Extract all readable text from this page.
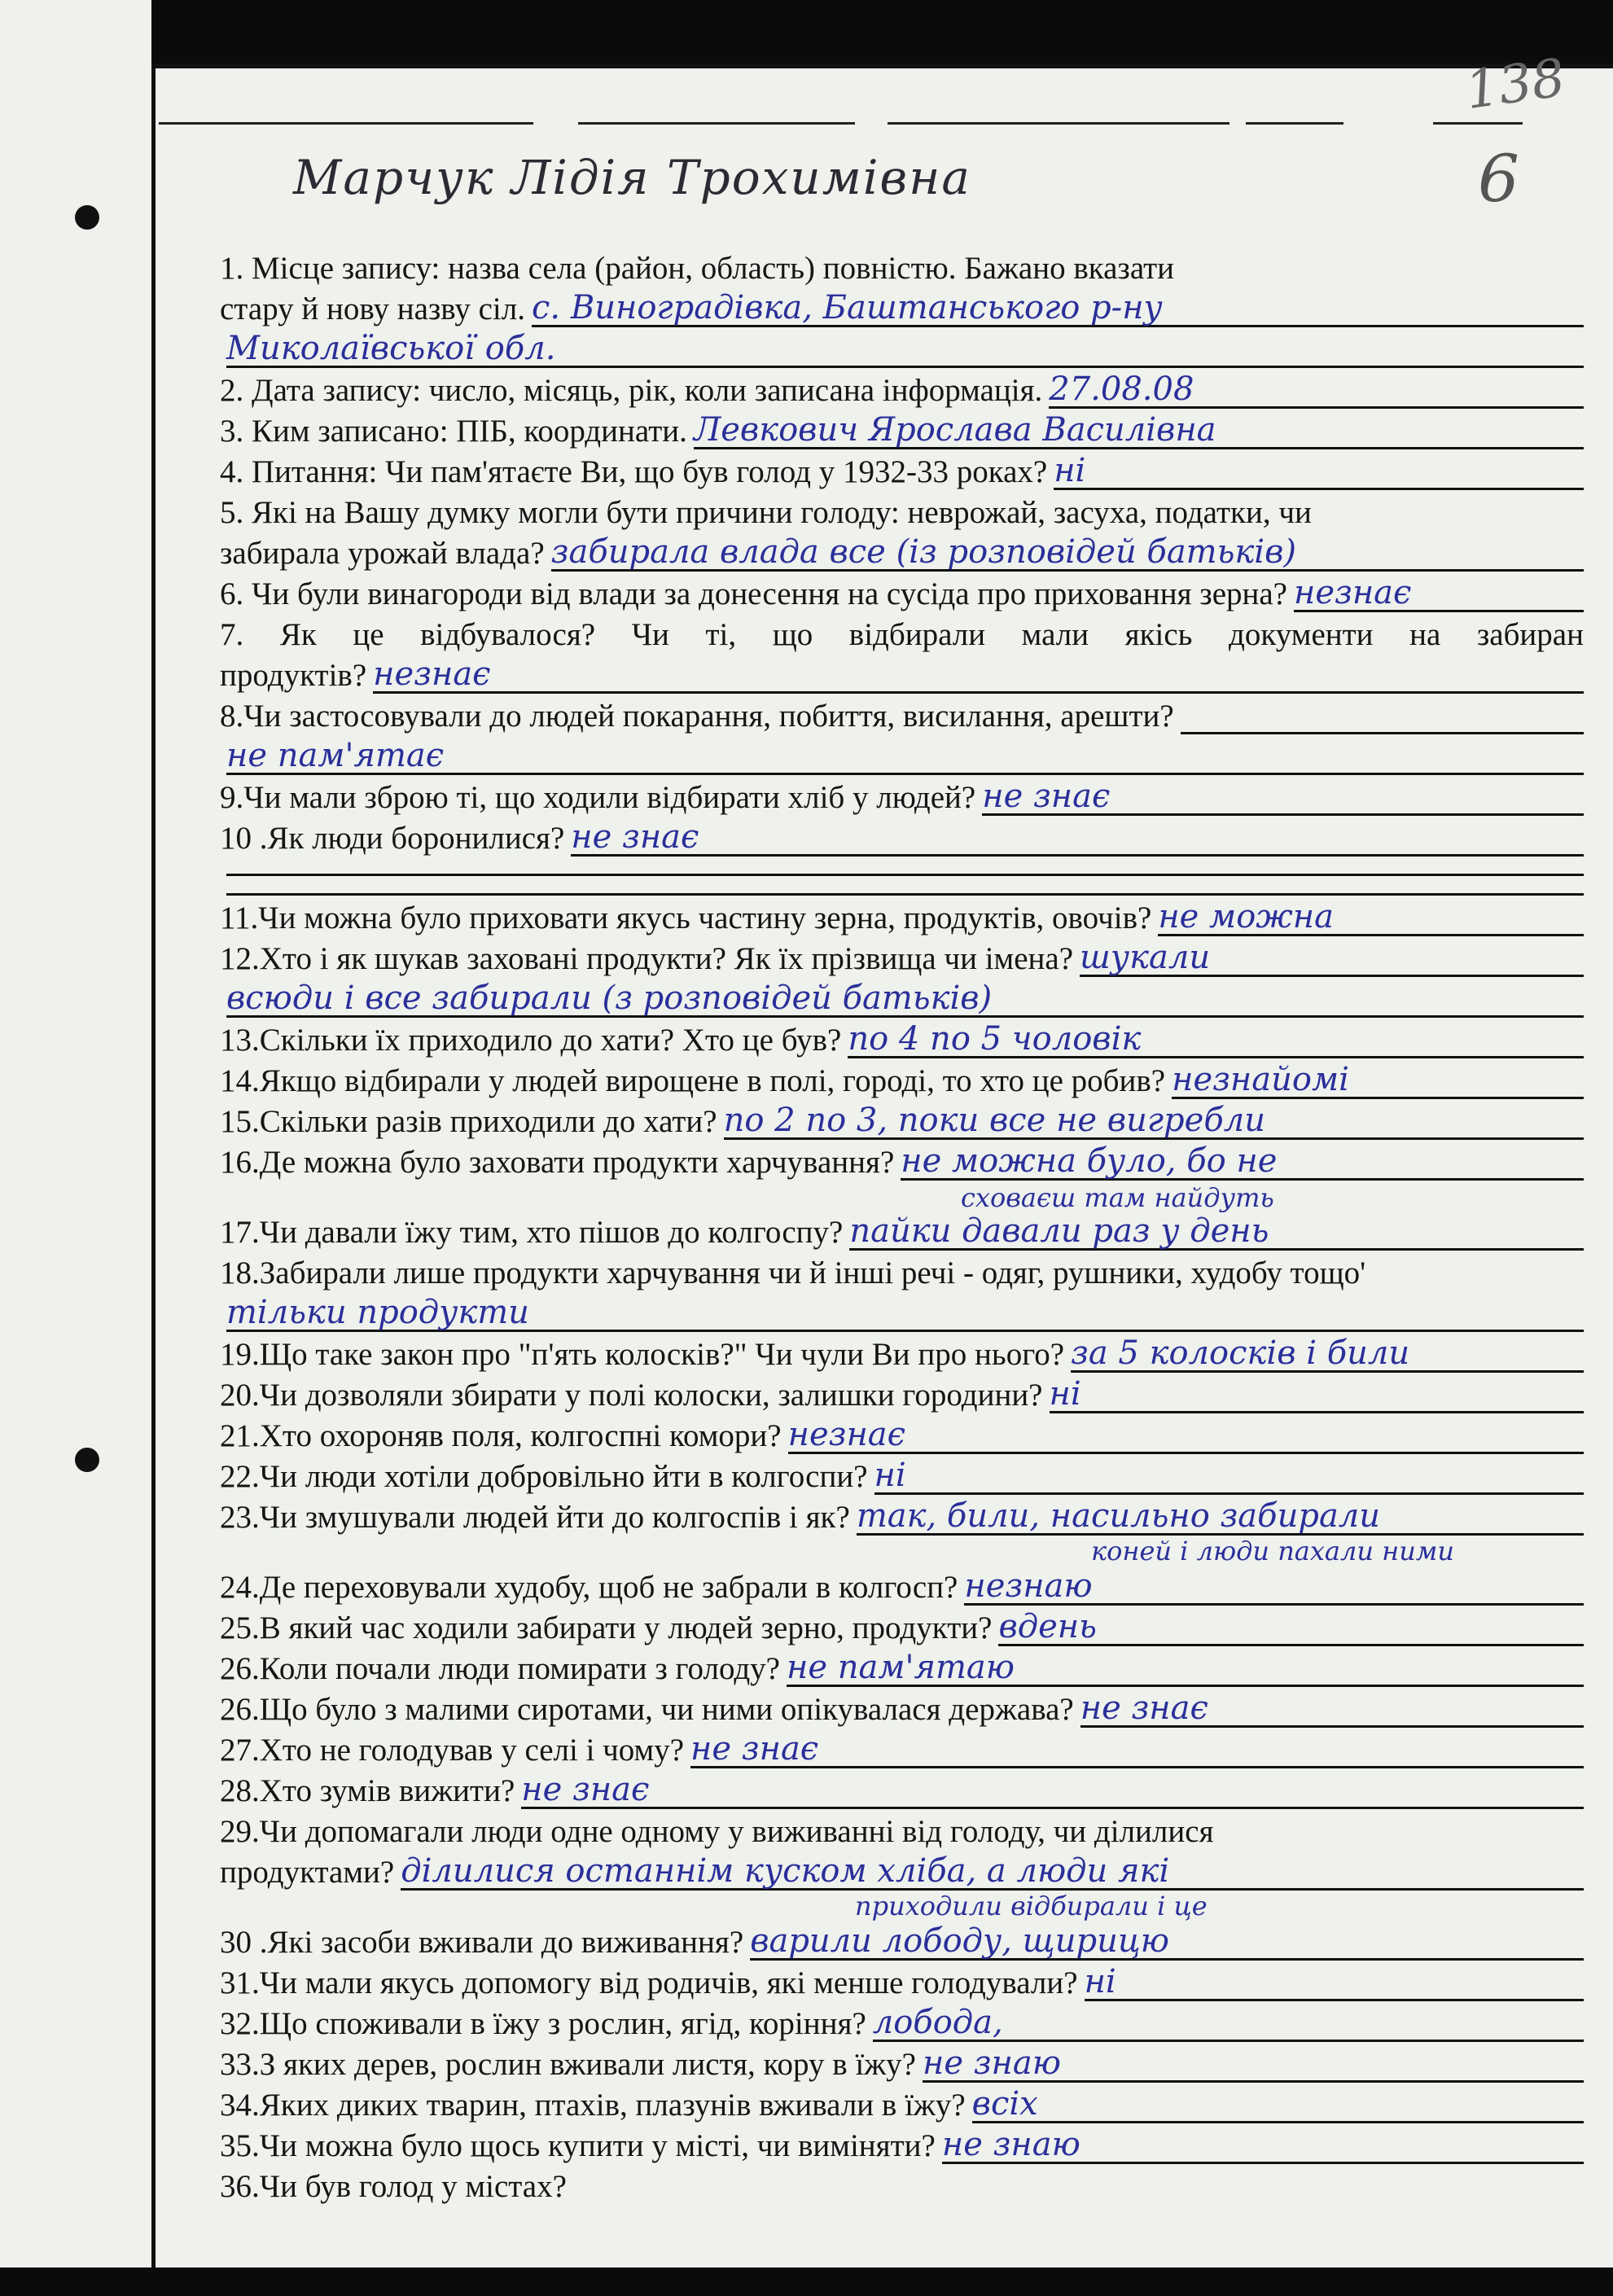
138
6
Марчук Лідія Трохимівна
1. Місце запису: назва села (район, область) повністю. Бажано вказати
стару й нову назву сіл. с. Виноградівка, Баштанського р-ну
Миколаївської обл.
2. Дата запису: число, місяць, рік, коли записана інформація. 27.08.08
3. Ким записано: ПІБ, координати. Левкович Ярослава Василівна
4. Питання: Чи пам'ятаєте Ви, що був голод у 1932-33 роках? ні
5. Які на Вашу думку могли бути причини голоду: неврожай, засуха, податки, чи
забирала урожай влада? забирала влада все (із розповідей батьків)
6. Чи були винагороди від влади за донесення на сусіда про приховання зерна? незнає
7. Як це відбувалося? Чи ті, що відбирали мали якісь документи на забиран
продуктів? незнає
8.Чи застосовували до людей покарання, побиття, висилання, арешти?
не пам'ятає
9.Чи мали зброю ті, що ходили відбирати хліб у людей? не знає
10 .Як люди боронилися? не знає
11.Чи можна було приховати якусь частину зерна, продуктів, овочів? не можна
12.Хто і як шукав заховані продукти? Як їх прізвища чи імена? шукали
всюди і все забирали (з розповідей батьків)
13.Скільки їх приходило до хати? Хто це був? по 4 по 5 чоловік
14.Якщо відбирали у людей вирощене в полі, городі, то хто це робив? незнайомі
15.Скільки разів приходили до хати? по 2 по 3, поки все не вигребли
16.Де можна було заховати продукти харчування? не можна було, бо не
сховаєш там найдуть
17.Чи давали їжу тим, хто пішов до колгоспу? пайки давали раз у день
18.Забирали лише продукти харчування чи й інші речі - одяг, рушники, худобу тощо'
тільки продукти
19.Що таке закон про "п'ять колосків?" Чи чули Ви про нього? за 5 колосків і били
20.Чи дозволяли збирати у полі колоски, залишки городини? ні
21.Хто охороняв поля, колгоспні комори? незнає
22.Чи люди хотіли добровільно йти в колгоспи? ні
23.Чи змушували людей йти до колгоспів і як? так, били, насильно забирали
коней і люди пахали ними
24.Де переховували худобу, щоб не забрали в колгосп? незнаю
25.В який час ходили забирати у людей зерно, продукти? вдень
26.Коли почали люди помирати з голоду? не пам'ятаю
26.Що було з малими сиротами, чи ними опікувалася держава? не знає
27.Хто не голодував у селі і чому? не знає
28.Хто зумів вижити? не знає
29.Чи допомагали люди одне одному у виживанні від голоду, чи ділилися
продуктами? ділилися останнім куском хліба, а люди які
приходили відбирали і це
30 .Які засоби вживали до виживання? варили лободу, щирицю
31.Чи мали якусь допомогу від родичів, які менше голодували? ні
32.Що споживали в їжу з рослин, ягід, коріння? лобода,
33.З яких дерев, рослин вживали листя, кору в їжу? не знаю
34.Яких диких тварин, птахів, плазунів вживали в їжу? всіх
35.Чи можна було щось купити у місті, чи виміняти? не знаю
36.Чи був голод у містах?
